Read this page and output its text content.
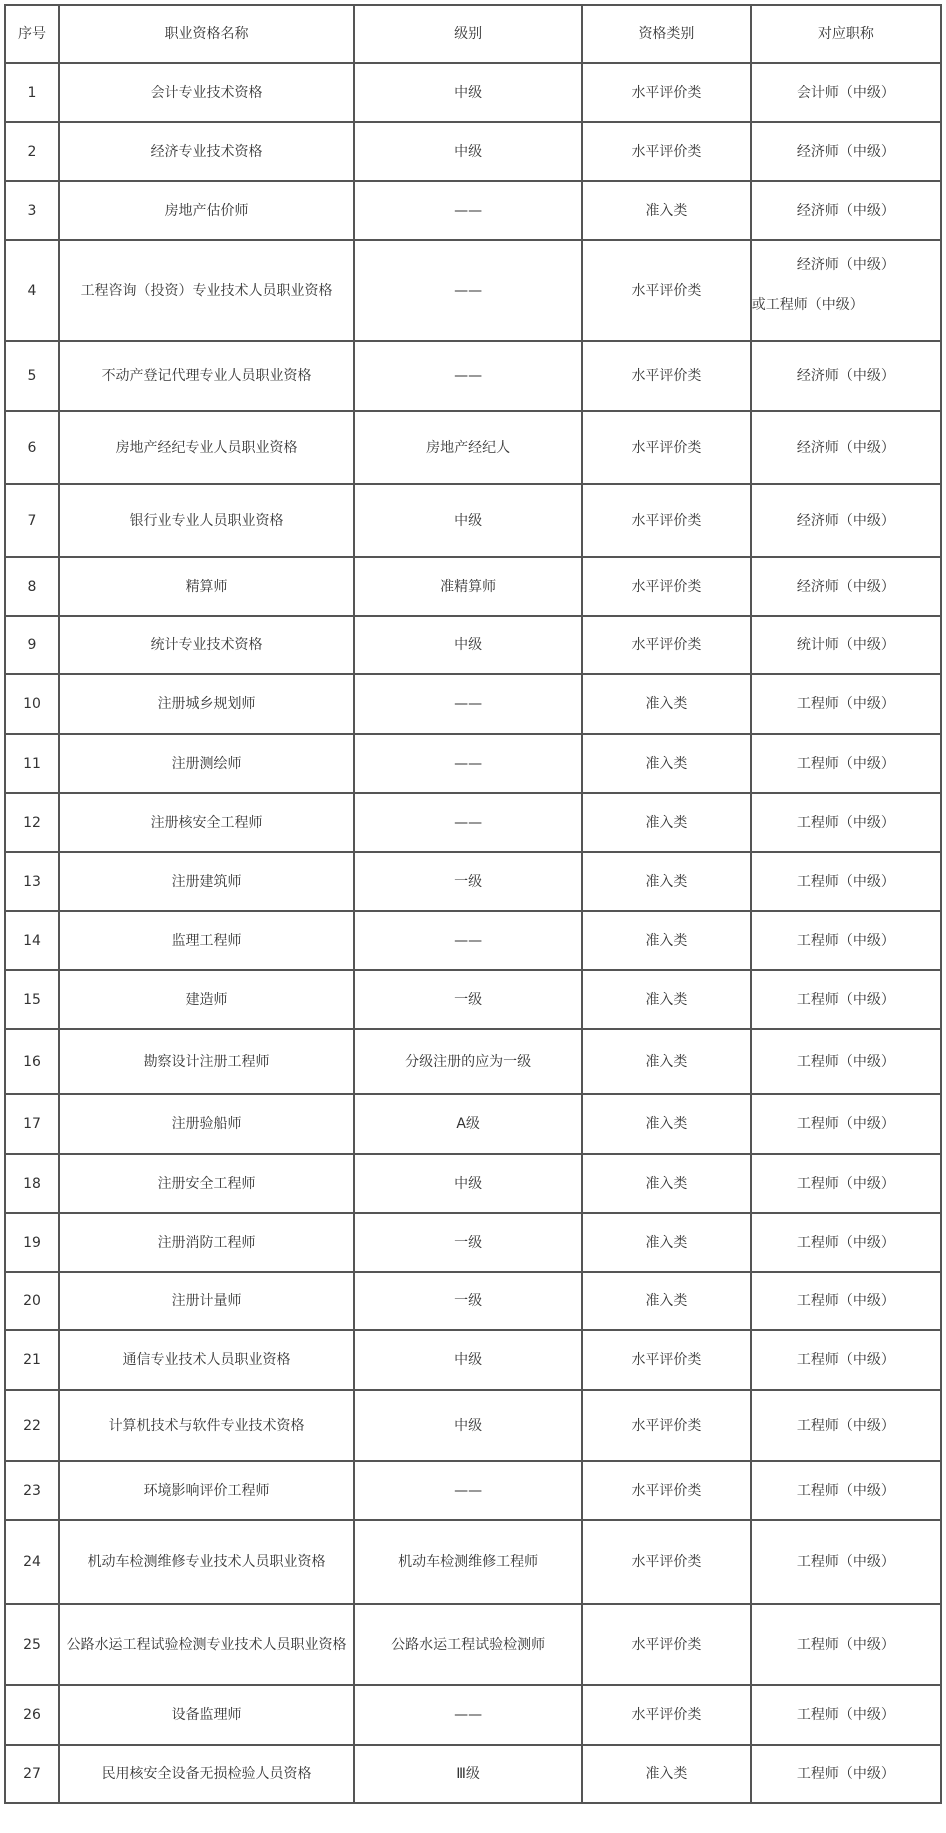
序号	职业资格名称	级别	资格类别	对应职称
1	会计专业技术资格	中级	水平评价类	会计师（中级）
2	经济专业技术资格	中级	水平评价类	经济师（中级）
3	房地产估价师	——	准入类	经济师（中级）
4	工程咨询（投资）专业技术人员职业资格	——	水平评价类	经济师（中级）
或工程师（中级）

5	不动产登记代理专业人员职业资格	——	水平评价类	经济师（中级）
6	房地产经纪专业人员职业资格	房地产经纪人	水平评价类	经济师（中级）
7	银行业专业人员职业资格	中级	水平评价类	经济师（中级）
8	精算师	准精算师	水平评价类	经济师（中级）
9	统计专业技术资格	中级	水平评价类	统计师（中级）
10	注册城乡规划师	——	准入类	工程师（中级）
11	注册测绘师	——	准入类	工程师（中级）
12	注册核安全工程师	——	准入类	工程师（中级）
13	注册建筑师	一级	准入类	工程师（中级）
14	监理工程师	——	准入类	工程师（中级）
15	建造师	一级	准入类	工程师（中级）
16	勘察设计注册工程师	分级注册的应为一级	准入类	工程师（中级）
17	注册验船师	A级	准入类	工程师（中级）
18	注册安全工程师	中级	准入类	工程师（中级）
19	注册消防工程师	一级	准入类	工程师（中级）
20	注册计量师	一级	准入类	工程师（中级）
21	通信专业技术人员职业资格	中级	水平评价类	工程师（中级）
22	计算机技术与软件专业技术资格	中级	水平评价类	工程师（中级）
23	环境影响评价工程师	——	水平评价类	工程师（中级）
24	机动车检测维修专业技术人员职业资格	机动车检测维修工程师	水平评价类	工程师（中级）
25	公路水运工程试验检测专业技术人员职业资格	公路水运工程试验检测师	水平评价类	工程师（中级）
26	设备监理师	——	水平评价类	工程师（中级）
27	民用核安全设备无损检验人员资格	Ⅲ级	准入类	工程师（中级）
